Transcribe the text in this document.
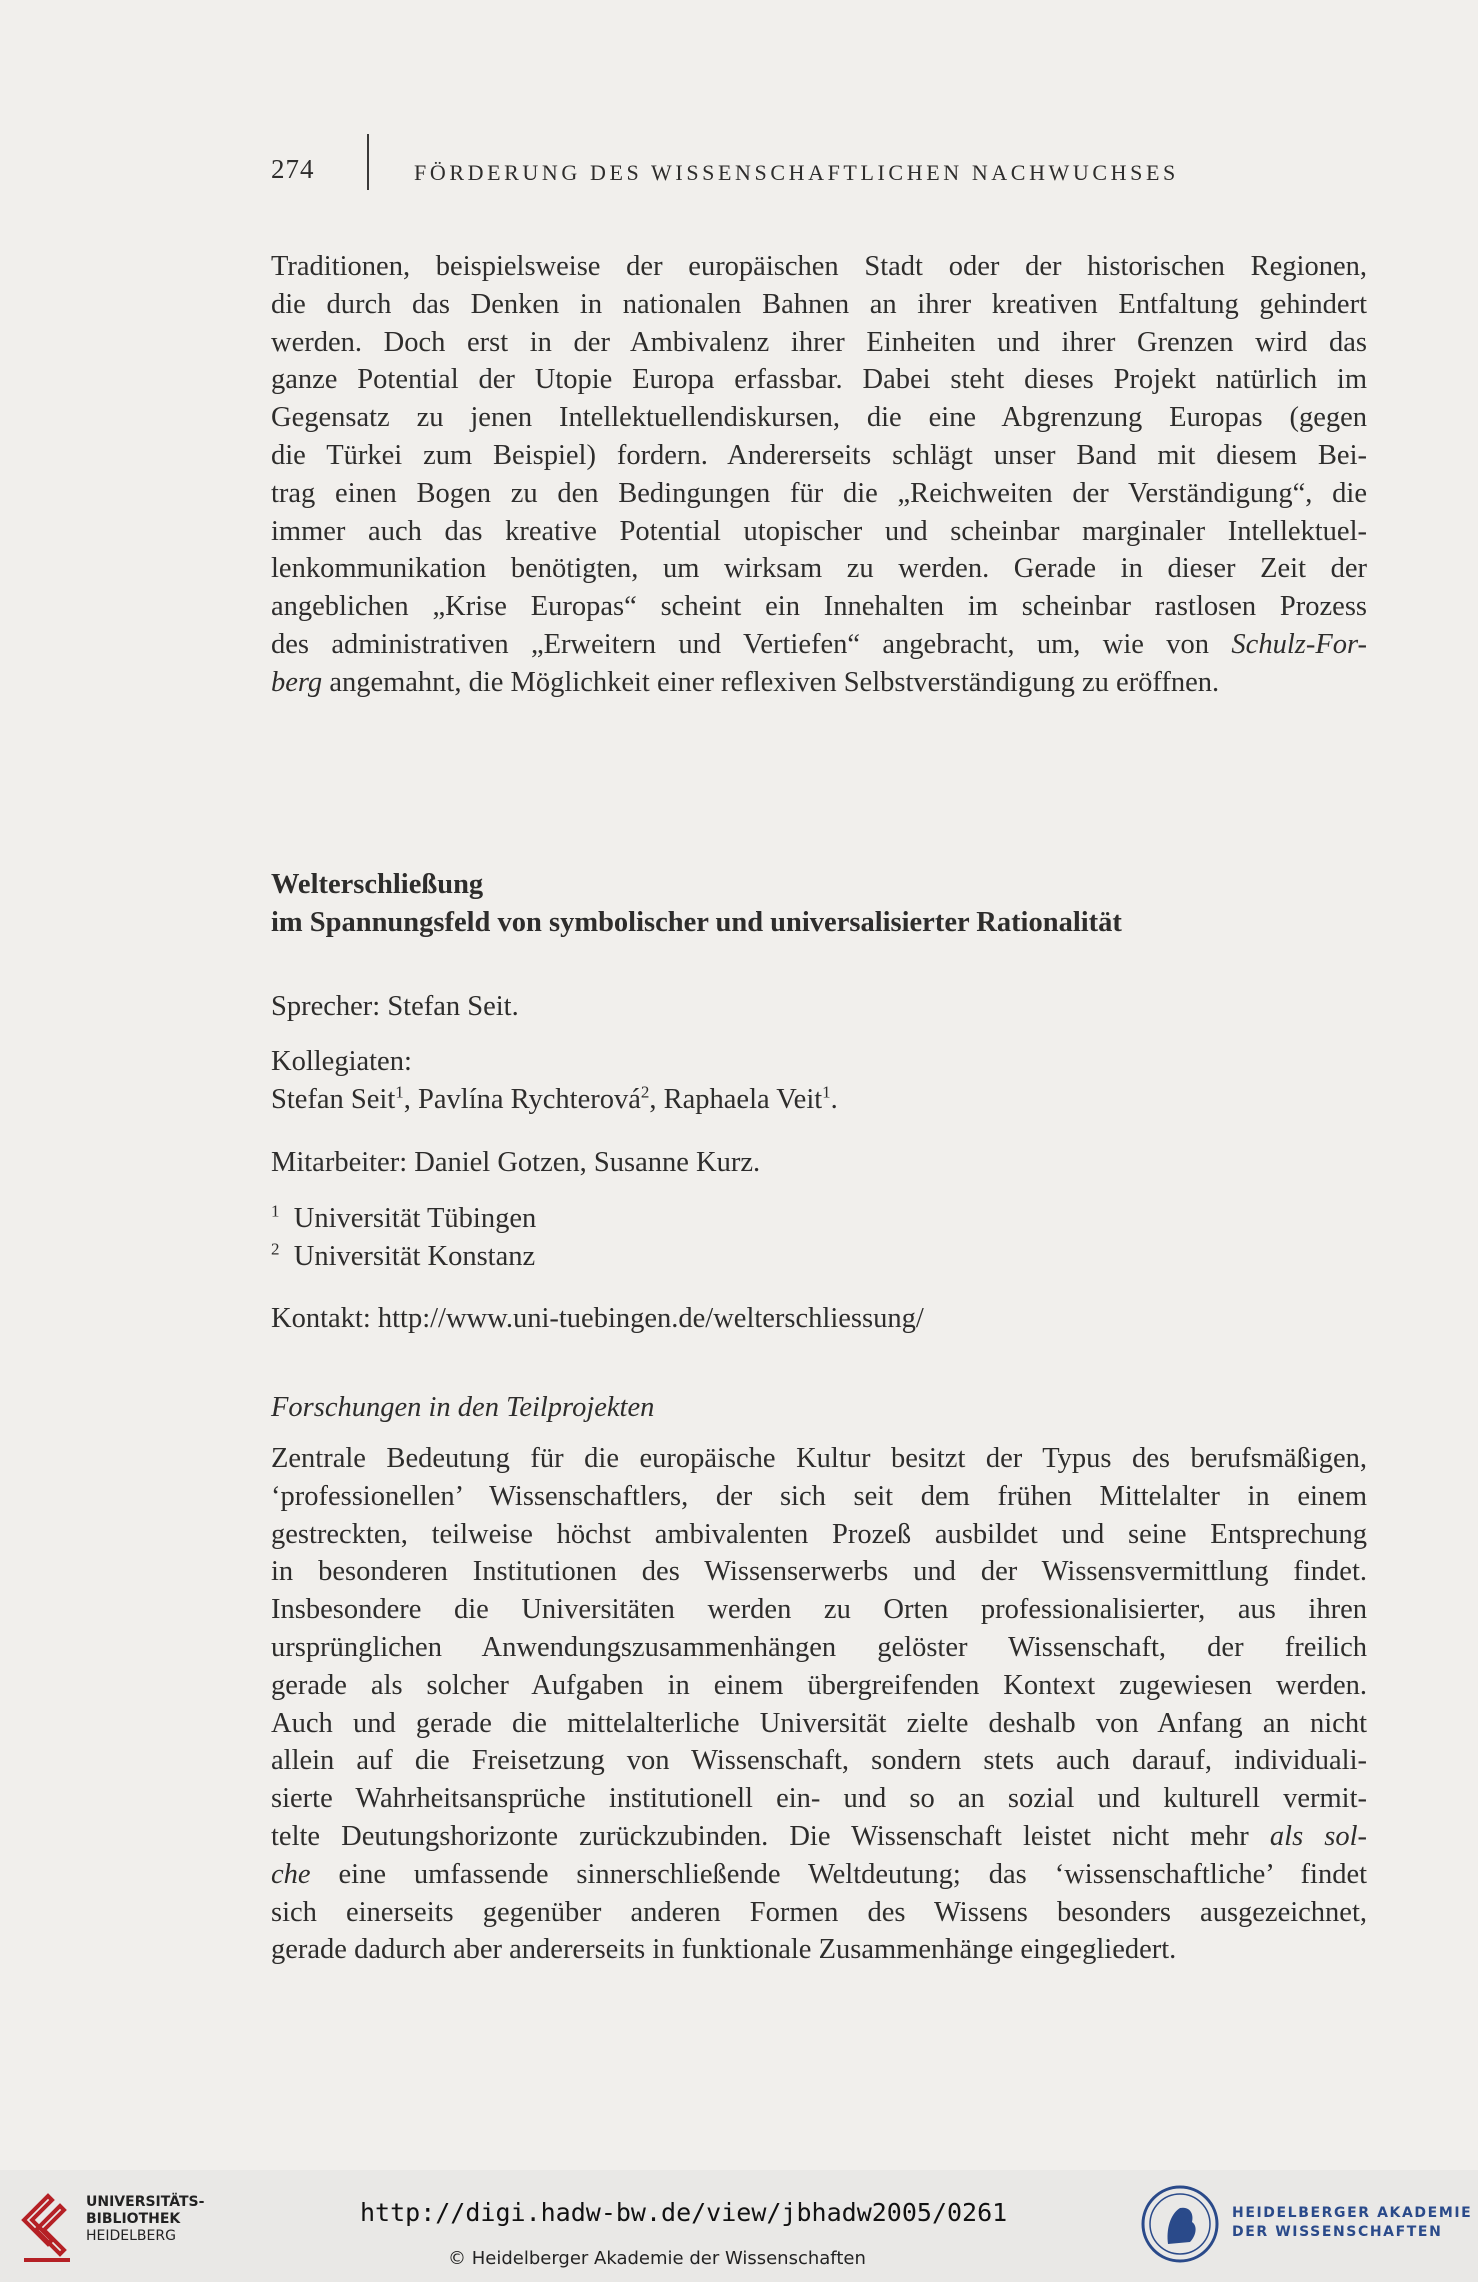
274	FÖRDERUNG DES WISSENSCHAFTLICHEN NACHWUCHSES

Traditionen, beispielsweise der europäischen Stadt oder der historischen Regionen,
die durch das Denken in nationalen Bahnen an ihrer kreativen Entfaltung gehindert
werden. Doch erst in der Ambivalenz ihrer Einheiten und ihrer Grenzen wird das
ganze Potential der Utopie Europa erfassbar. Dabei steht dieses Projekt natürlich im
Gegensatz zu jenen Intellektuellendiskursen, die eine Abgrenzung Europas (gegen
die Türkei zum Beispiel) fordern. Andererseits schlägt unser Band mit diesem Bei-
trag einen Bogen zu den Bedingungen für die „Reichweiten der Verständigung“, die
immer auch das kreative Potential utopischer und scheinbar marginaler Intellektuel-
lenkommunikation benötigten, um wirksam zu werden. Gerade in dieser Zeit der
angeblichen „Krise Europas“ scheint ein Innehalten im scheinbar rastlosen Prozess
des administrativen „Erweitern und Vertiefen“ angebracht, um, wie von Schulz-For-
berg angemahnt, die Möglichkeit einer reflexiven Selbstverständigung zu eröffnen.

Welterschließung
im Spannungsfeld von symbolischer und universalisierter Rationalität

Sprecher: Stefan Seit.

Kollegiaten:

Stefan Seit$^1$, Pavlína Rychterová$^2$, Raphaela Veit$^1$.

Mitarbeiter: Daniel Gotzen, Susanne Kurz.

$^1$ Universität Tübingen

$^2$ Universität Konstanz

Kontakt: http://www.uni-tuebingen.de/welterschliessung/

Forschungen in den Teilprojekten

Zentrale Bedeutung für die europäische Kultur besitzt der Typus des berufsmäßigen,
‘professionellen’ Wissenschaftlers, der sich seit dem frühen Mittelalter in einem
gestreckten, teilweise höchst ambivalenten Prozeß ausbildet und seine Entsprechung
in besonderen Institutionen des Wissenserwerbs und der Wissensvermittlung findet.
Insbesondere die Universitäten werden zu Orten professionalisierter, aus ihren
ursprünglichen Anwendungszusammenhängen gelöster Wissenschaft, der freilich
gerade als solcher Aufgaben in einem übergreifenden Kontext zugewiesen werden.
Auch und gerade die mittelalterliche Universität zielte deshalb von Anfang an nicht
allein auf die Freisetzung von Wissenschaft, sondern stets auch darauf, individuali-
sierte Wahrheitsansprüche institutionell ein- und so an sozial und kulturell vermit-
telte Deutungshorizonte zurückzubinden. Die Wissenschaft leistet nicht mehr als sol-
che eine umfassende sinnerschließende Weltdeutung; das ‘wissenschaftliche’ findet
sich einerseits gegenüber anderen Formen des Wissens besonders ausgezeichnet,
gerade dadurch aber andererseits in funktionale Zusammenhänge eingegliedert.

UNIVERSITÄTS-
BIBLIOTHEK
HEIDELBERG
http://digi.hadw-bw.de/view/jbhadw2005/0261
© Heidelberger Akademie der Wissenschaften
HEIDELBERGER AKADEMIE
DER WISSENSCHAFTEN
